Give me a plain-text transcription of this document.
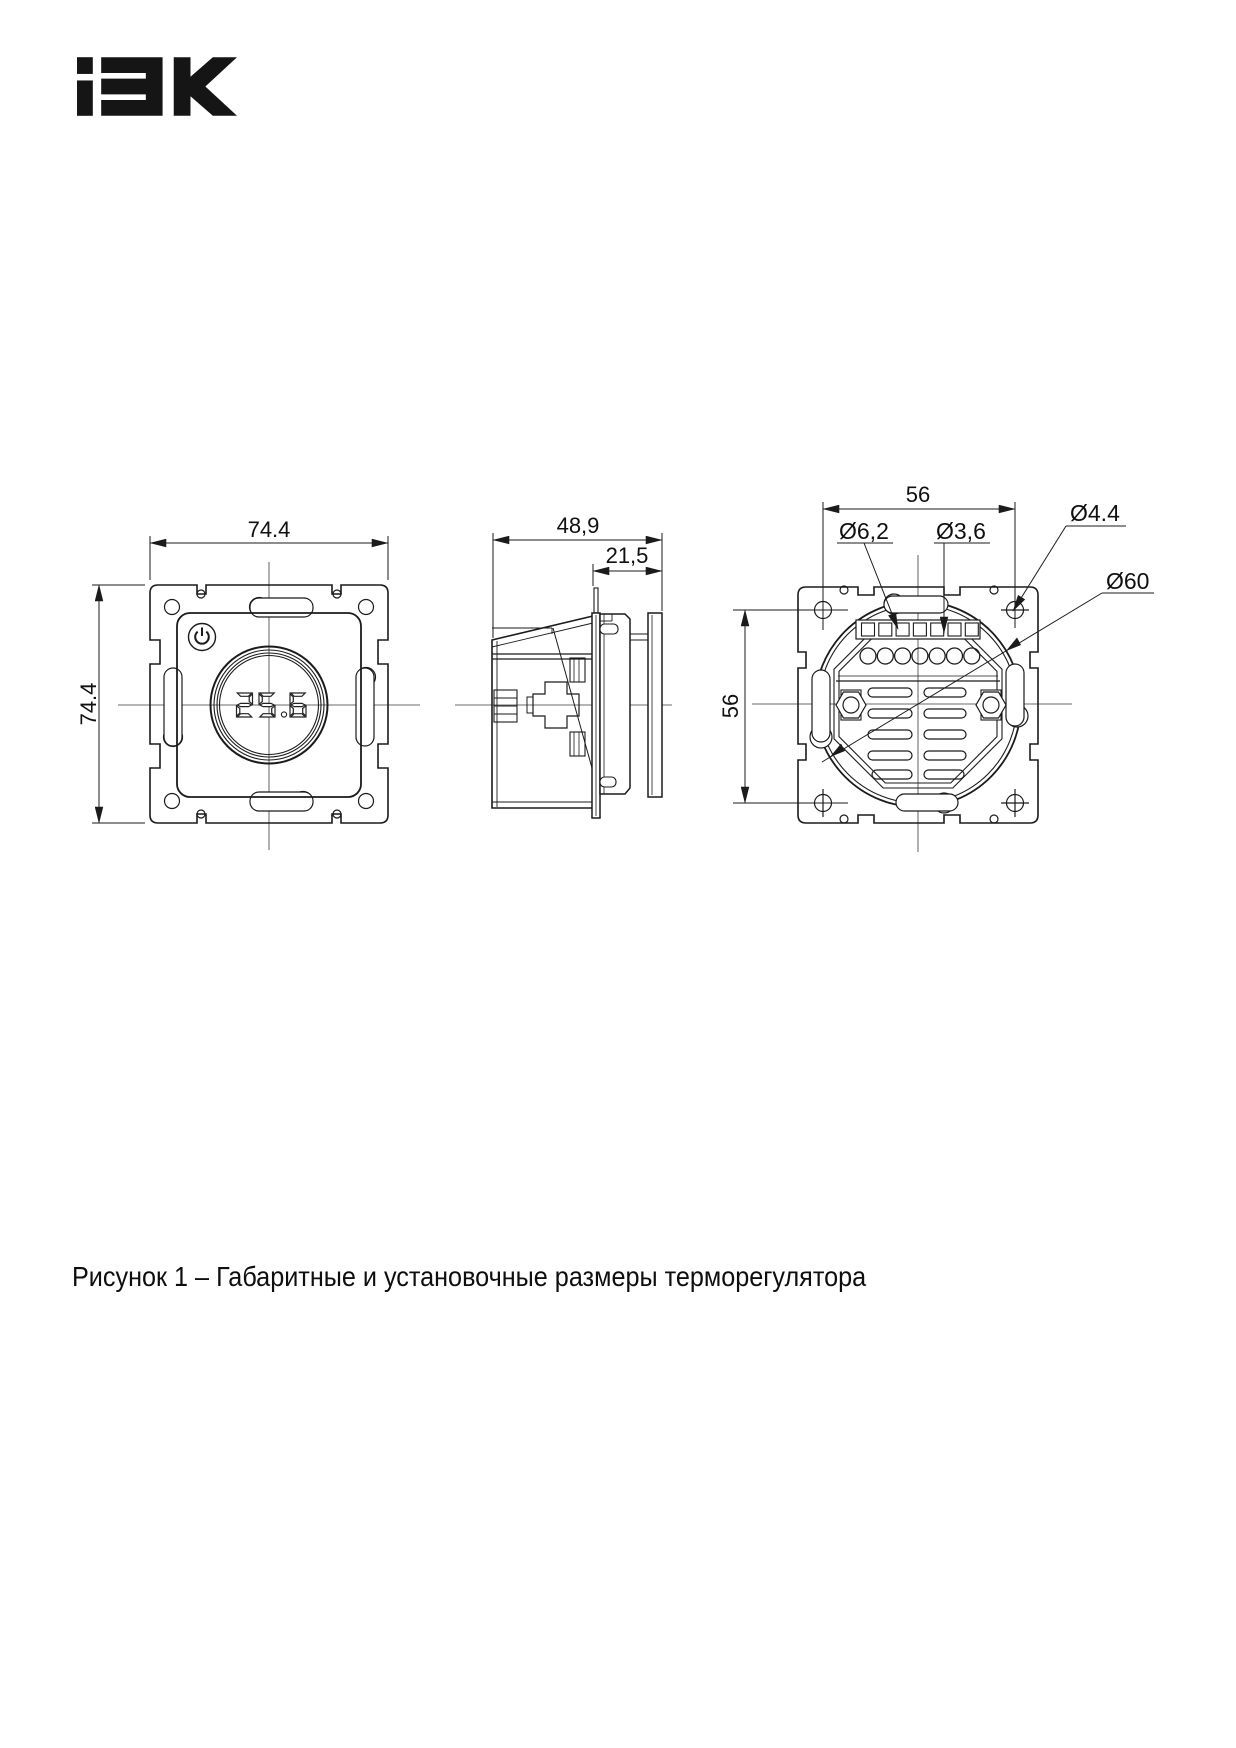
74.4
74.4
48,9
21,5
56
56
Ø6,2 Ø3,6
Ø4.4
Ø60
Рисунок 1 – Габаритные и установочные размеры терморегулятора
